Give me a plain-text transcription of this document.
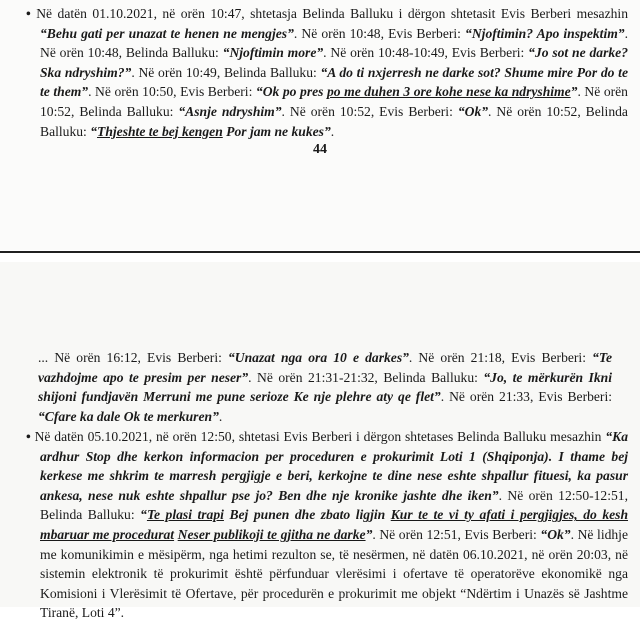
• Në datën 01.10.2021, në orën 10:47, shtetasja Belinda Balluku i dërgon shtetasit Evis Berberi mesazhin “Behu gati per unazat te henen ne mengjes”. Në orën 10:48, Evis Berberi: “Njoftimin? Apo inspektim”. Në orën 10:48, Belinda Balluku: “Njoftimin more”. Në orën 10:48-10:49, Evis Berberi: “Jo sot ne darke? Ska ndryshim?”. Në orën 10:49, Belinda Balluku: “A do ti nxjerresh ne darke sot? Shume mire Por do te te them”. Në orën 10:50, Evis Berberi: “Ok po pres po me duhen 3 ore kohe nese ka ndryshime”. Në orën 10:52, Belinda Balluku: “Asnje ndryshim”. Në orën 10:52, Evis Berberi: “Ok”. Në orën 10:52, Belinda Balluku: “Thjeshte te bej kengen Por jam ne kukes”.
44
... Në orën 16:12, Evis Berberi: “Unazat nga ora 10 e darkes”. Në orën 21:18, Evis Berberi: “Te vazhdojme apo te presim per neser”. Në orën 21:31-21:32, Belinda Balluku: “Jo, te mërkurën Ikni shijoni fundjavën Merruni me pune serioze Ke nje plehre aty qe flet”. Në orën 21:33, Evis Berberi: “Cfare ka dale Ok te merkuren”.
• Në datën 05.10.2021, në orën 12:50, shtetasi Evis Berberi i dërgon shtetases Belinda Balluku mesazhin “Ka ardhur Stop dhe kerkon informacion per proceduren e prokurimit Loti 1 (Shqiponja). I thame bej kerkese me shkrim te marresh pergjigje e beri, kerkojne te dine nese eshte shpallur fituesi, ka pasur ankesa, nese nuk eshte shpallur pse jo? Ben dhe nje kronike jashte dhe iken”. Në orën 12:50-12:51, Belinda Balluku: “Te plasi trapi Bej punen dhe zbato ligjin Kur te te vi ty afati i pergjigjes, do kesh mbaruar me procedurat Neser publikoji te gjitha ne darke”. Në orën 12:51, Evis Berberi: “Ok”. Në lidhje me komunikimin e mësipërm, nga hetimi rezulton se, të nesërmen, në datën 06.10.2021, në orën 20:03, në sistemin elektronik të prokurimit është përfunduar vlerësimi i ofertave të operatorëve ekonomikë nga Komisioni i Vlerësimit të Ofertave, për procedurën e prokurimit me objekt “Ndërtim i Unazës së Jashtme Tiranë, Loti 4”.
